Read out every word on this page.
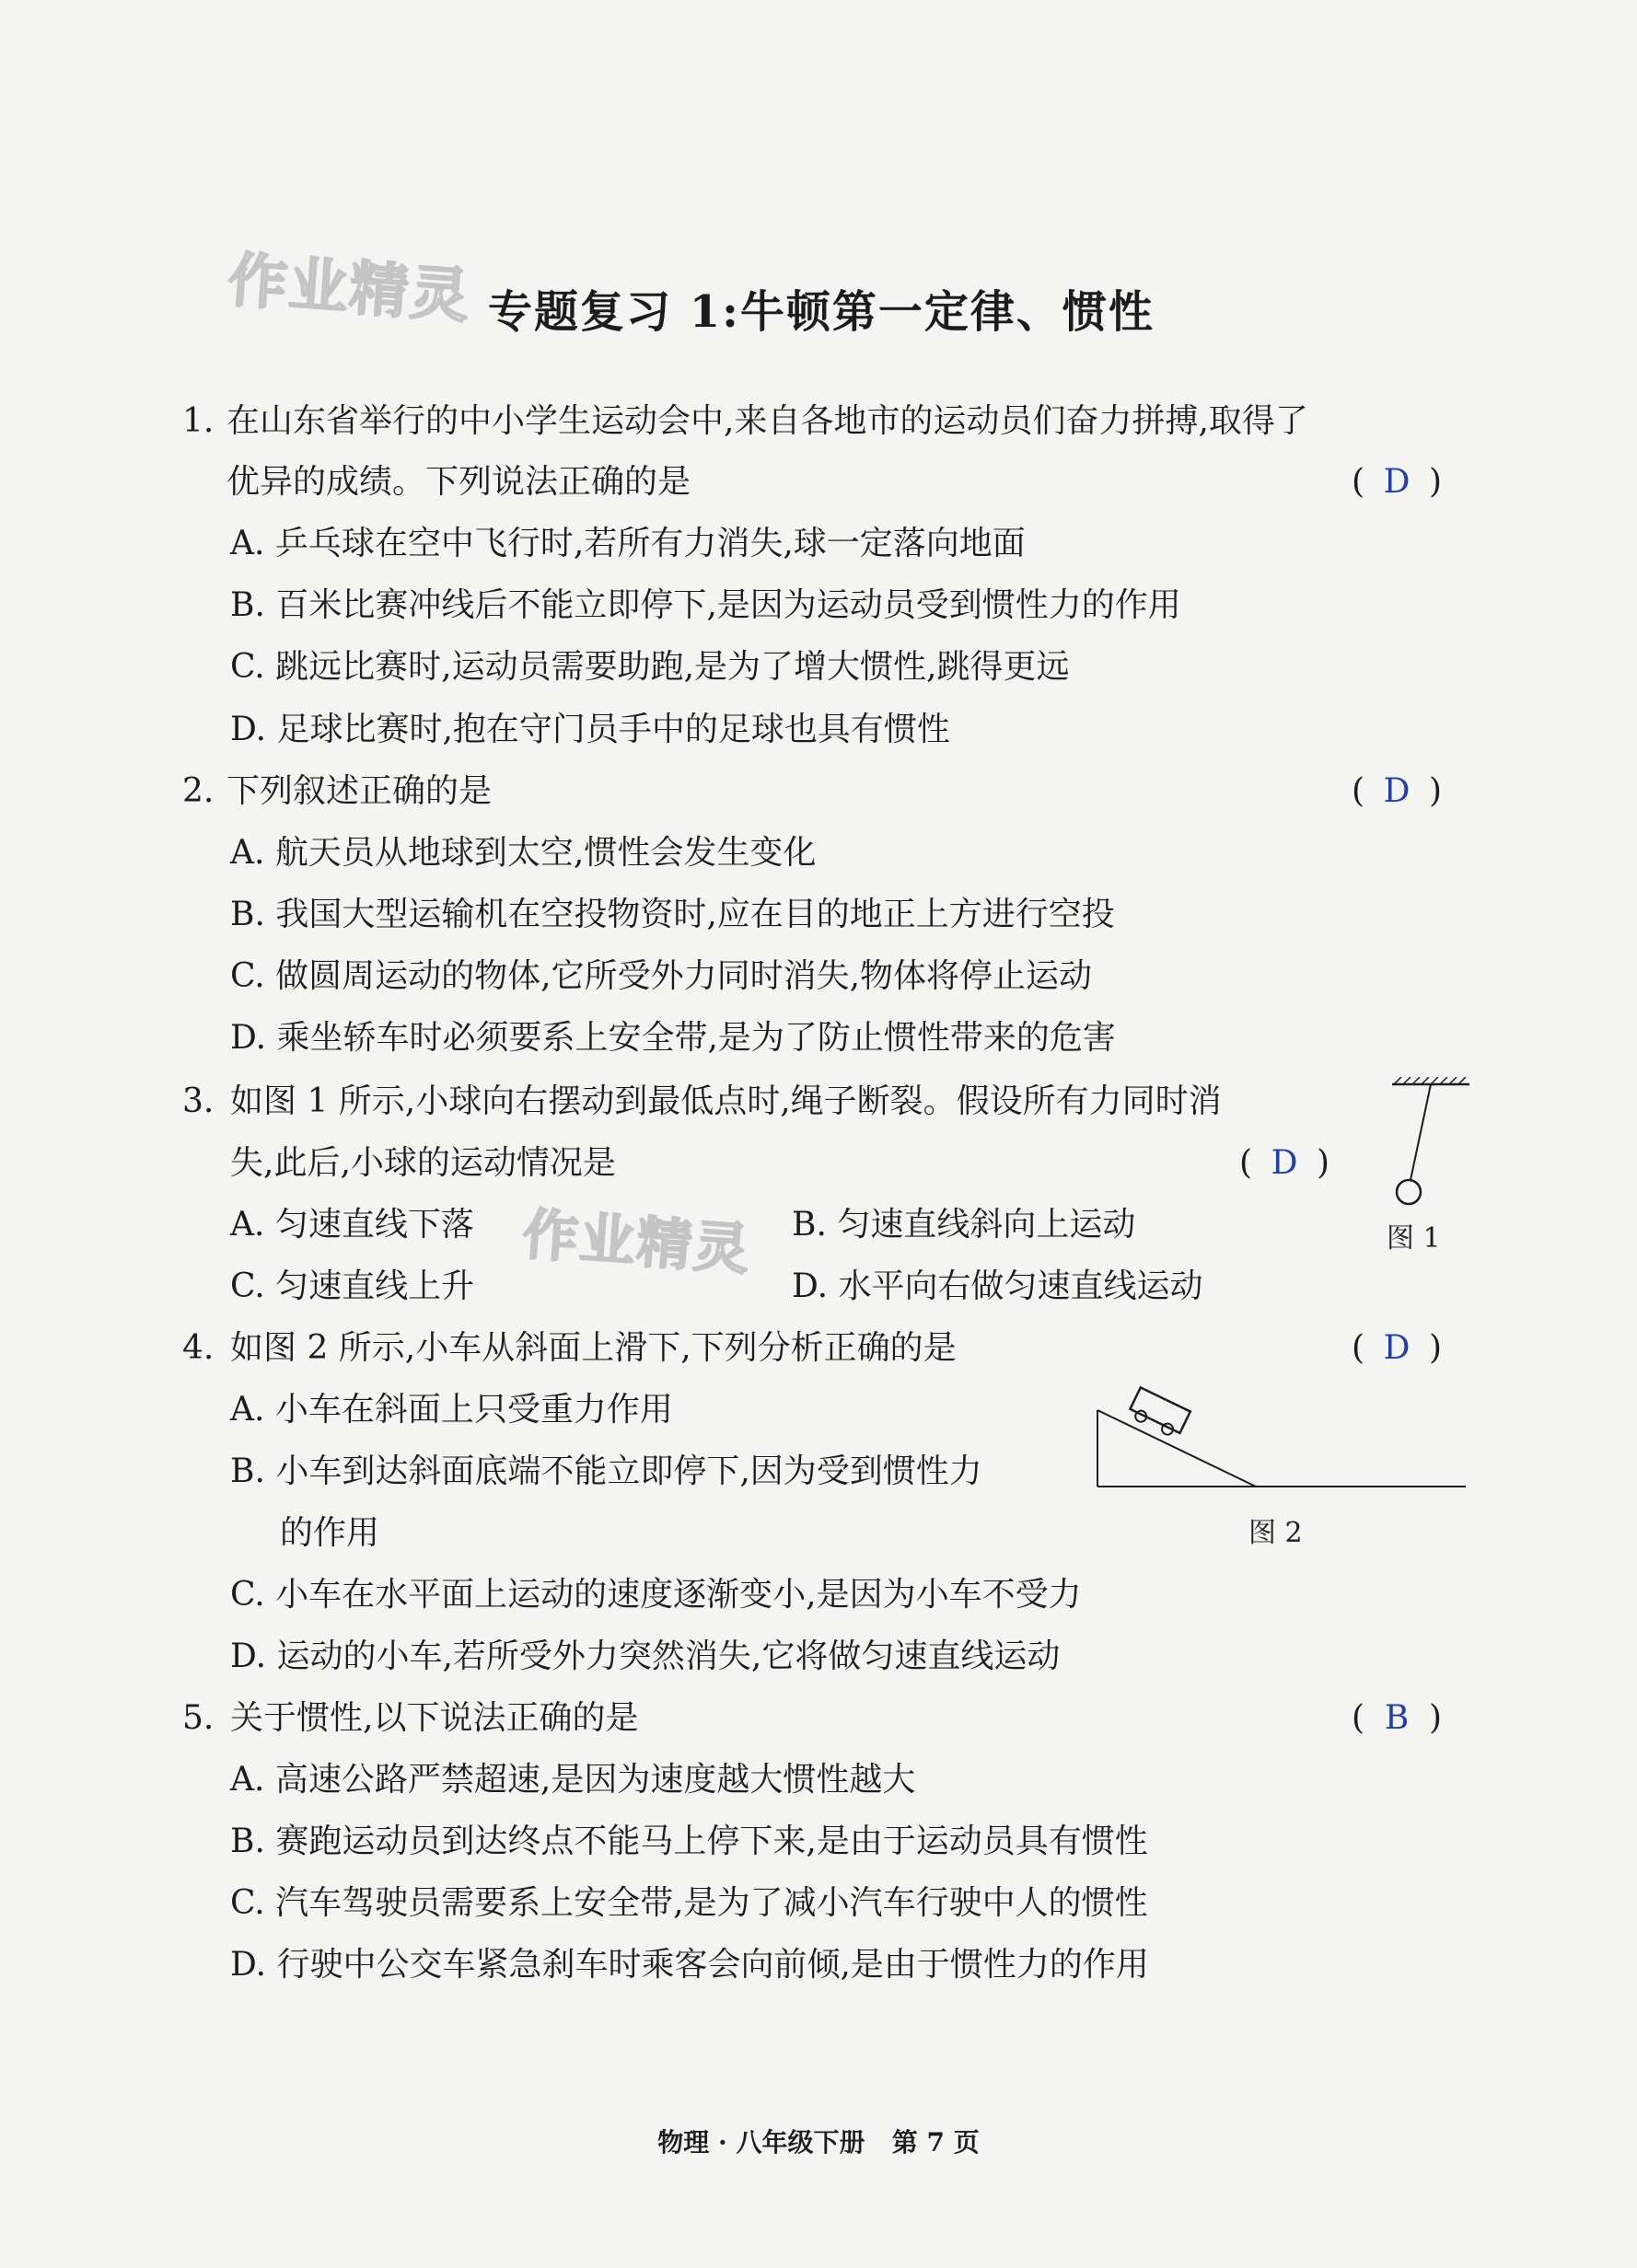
作业精灵
作业精灵
专题复习 1:牛顿第一定律、惯性
1. 在山东省举行的中小学生运动会中,来自各地市的运动员们奋力拼搏,取得了
优异的成绩。下列说法正确的是	( D )
A. 乒乓球在空中飞行时,若所有力消失,球一定落向地面
B. 百米比赛冲线后不能立即停下,是因为运动员受到惯性力的作用
C. 跳远比赛时,运动员需要助跑,是为了增大惯性,跳得更远
D. 足球比赛时,抱在守门员手中的足球也具有惯性
2. 下列叙述正确的是	( D )
A. 航天员从地球到太空,惯性会发生变化
B. 我国大型运输机在空投物资时,应在目的地正上方进行空投
C. 做圆周运动的物体,它所受外力同时消失,物体将停止运动
D. 乘坐轿车时必须要系上安全带,是为了防止惯性带来的危害
3. 如图 1 所示,小球向右摆动到最低点时,绳子断裂。假设所有力同时消
失,此后,小球的运动情况是	( D )
A. 匀速直线下落	B. 匀速直线斜向上运动
C. 匀速直线上升	D. 水平向右做匀速直线运动
图 1
4. 如图 2 所示,小车从斜面上滑下,下列分析正确的是	( D )
A. 小车在斜面上只受重力作用
B. 小车到达斜面底端不能立即停下,因为受到惯性力
的作用
C. 小车在水平面上运动的速度逐渐变小,是因为小车不受力
D. 运动的小车,若所受外力突然消失,它将做匀速直线运动
图 2
5. 关于惯性,以下说法正确的是	( B )
A. 高速公路严禁超速,是因为速度越大惯性越大
B. 赛跑运动员到达终点不能马上停下来,是由于运动员具有惯性
C. 汽车驾驶员需要系上安全带,是为了减小汽车行驶中人的惯性
D. 行驶中公交车紧急刹车时乘客会向前倾,是由于惯性力的作用
物理 · 八年级下册   第 7 页
